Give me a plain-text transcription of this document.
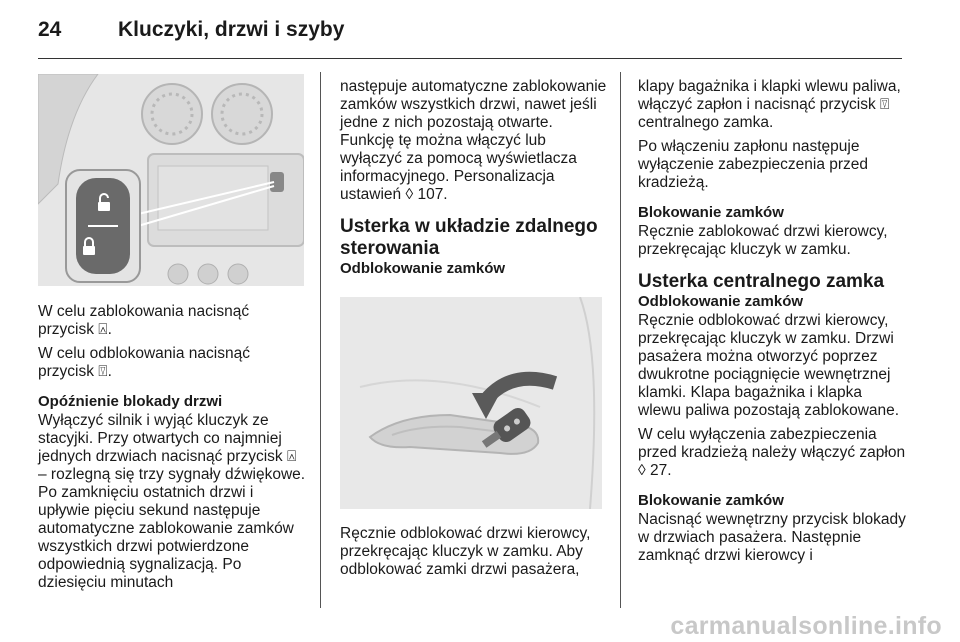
24	Kluczyki, drzwi i szyby

W celu zablokowania nacisnąć przycisk ⍓.

W celu odblokowania nacisnąć przycisk ⍔.

Opóźnienie blokady drzwi

Wyłączyć silnik i wyjąć kluczyk ze stacyjki. Przy otwartych co najmniej jednych drzwiach nacisnąć przycisk ⍓ – rozlegną się trzy sygnały dźwiękowe. Po zamknięciu ostatnich drzwi i upływie pięciu sekund następuje automatyczne zablokowanie zamków wszystkich drzwi potwierdzone odpowiednią sygnalizacją. Po dziesięciu minutach

następuje automatyczne zablokowanie zamków wszystkich drzwi, nawet jeśli jedne z nich pozostają otwarte. Funkcję tę można włączyć lub wyłączyć za pomocą wyświetlacza informacyjnego. Personalizacja ustawień ◊ 107.

Usterka w układzie zdalnego sterowania

Odblokowanie zamków

Ręcznie odblokować drzwi kierowcy, przekręcając kluczyk w zamku. Aby odblokować zamki drzwi pasażera,

klapy bagażnika i klapki wlewu paliwa, włączyć zapłon i nacisnąć przycisk ⍔ centralnego zamka.

Po włączeniu zapłonu następuje wyłączenie zabezpieczenia przed kradzieżą.

Blokowanie zamków

Ręcznie zablokować drzwi kierowcy, przekręcając kluczyk w zamku.

Usterka centralnego zamka

Odblokowanie zamków

Ręcznie odblokować drzwi kierowcy, przekręcając kluczyk w zamku. Drzwi pasażera można otworzyć poprzez dwukrotne pociągnięcie wewnętrznej klamki. Klapa bagażnika i klapka wlewu paliwa pozostają zablokowane.

W celu wyłączenia zabezpieczenia przed kradzieżą należy włączyć zapłon ◊ 27.

Blokowanie zamków

Nacisnąć wewnętrzny przycisk blokady w drzwiach pasażera. Następnie zamknąć drzwi kierowcy i

carmanualsonline.info
